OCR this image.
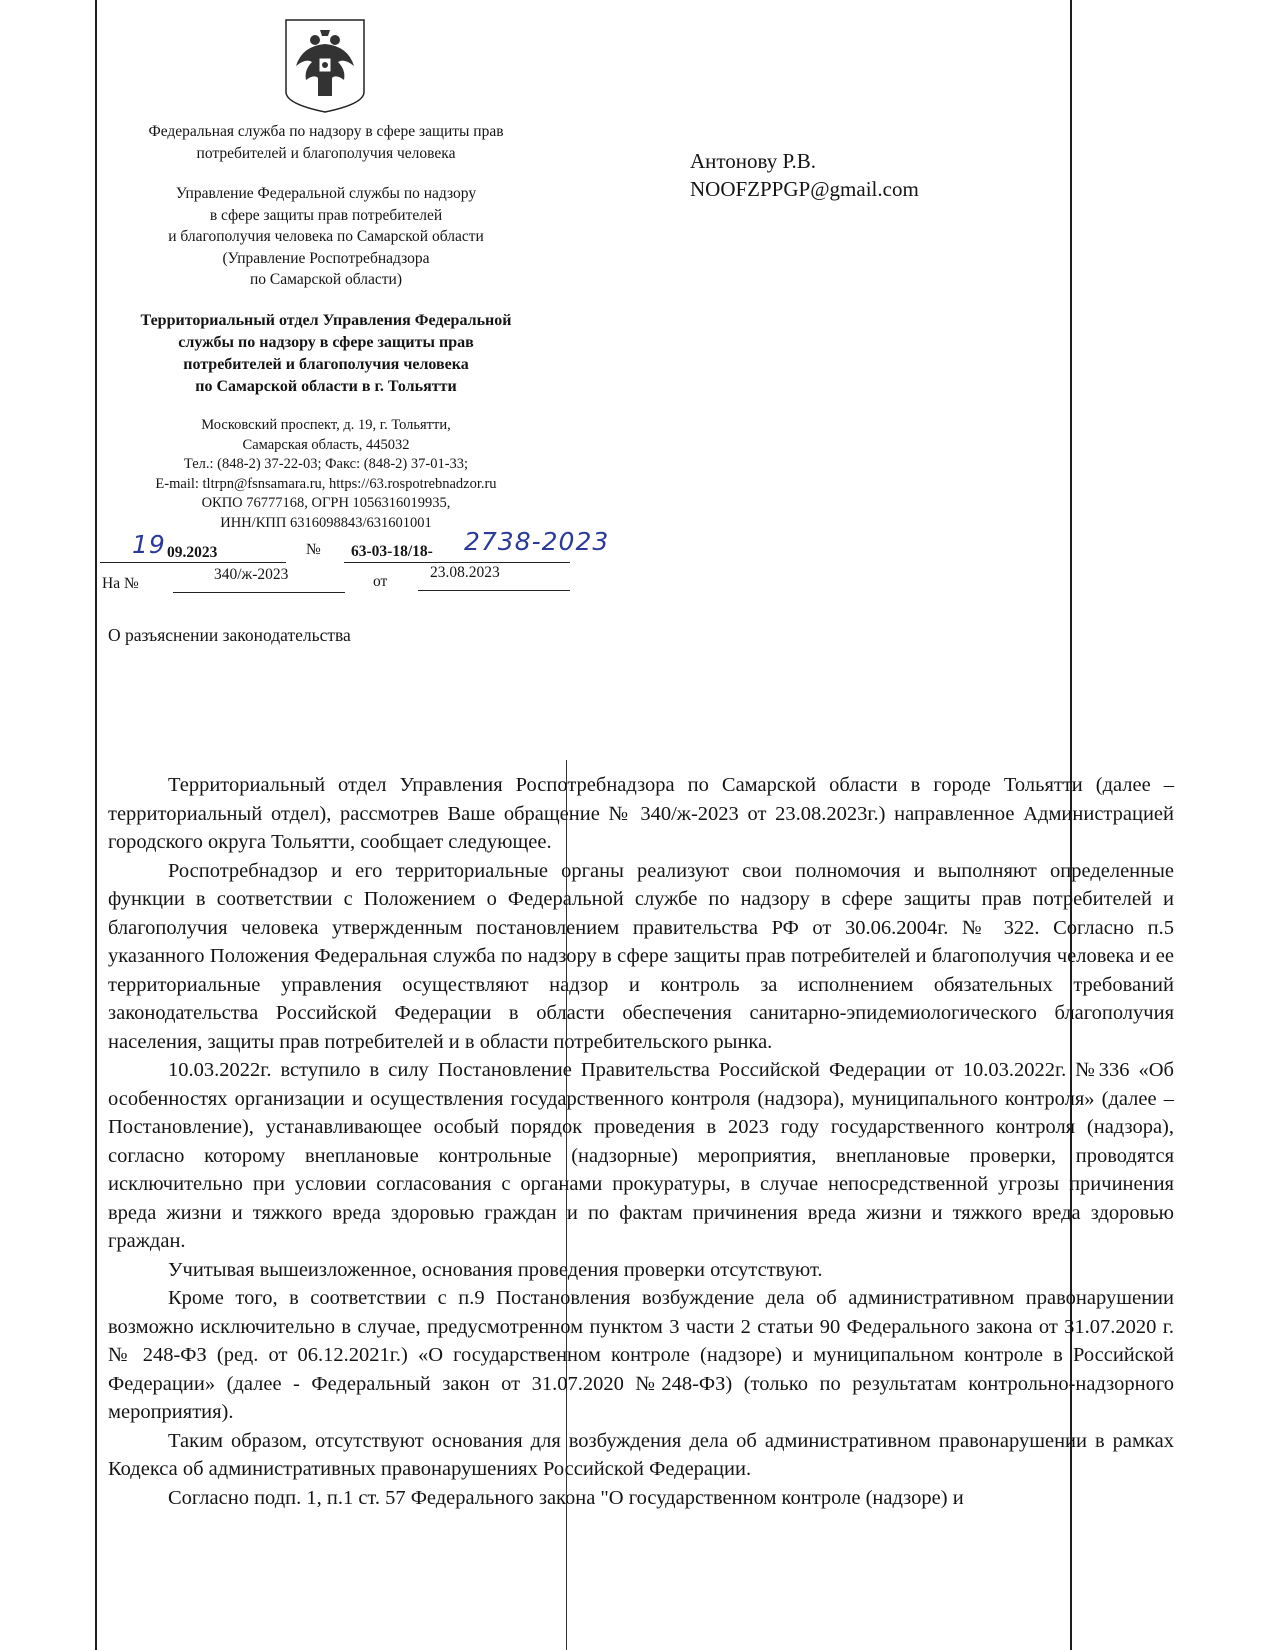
Федеральная служба по надзору в сфере защиты прав
потребителей и благополучия человека
Управление Федеральной службы по надзору
в сфере защиты прав потребителей
и благополучия человека по Самарской области
(Управление Роспотребнадзора
по Самарской области)
Территориальный отдел Управления Федеральной
службы по надзору в сфере защиты прав
потребителей и благополучия человека
по Самарской области в г. Тольятти
Московский проспект, д. 19, г. Тольятти,
Самарская область, 445032
Тел.: (848-2) 37-22-03; Факс: (848-2) 37-01-33;
E-mail: tltrpn@fsnsamara.ru, https://63.rospotrebnadzor.ru
ОКПО 76777168, ОГРН 1056316019935,
ИНН/КПП 6316098843/631601001
19 09.2023	№ 63-03-18/18- 2738-2023
На №
340/ж-2023	от
23.08.2023
О разъяснении законодательства
Антонову Р.В.
NOOFZPPGP@gmail.com

Территориальный отдел Управления Роспотребнадзора по Самарской области в городе Тольятти (далее – территориальный отдел), рассмотрев Ваше обращение № 340/ж-2023 от 23.08.2023г.) направленное Администрацией городского округа Тольятти, сообщает следующее.

Роспотребнадзор и его территориальные органы реализуют свои полномочия и выполняют определенные функции в соответствии с Положением о Федеральной службе по надзору в сфере защиты прав потребителей и благополучия человека утвержденным постановлением правительства РФ от 30.06.2004г. № 322. Согласно п.5 указанного Положения Федеральная служба по надзору в сфере защиты прав потребителей и благополучия человека и ее территориальные управления осуществляют надзор и контроль за исполнением обязательных требований законодательства Российской Федерации в области обеспечения санитарно-эпидемиологического благополучия населения, защиты прав потребителей и в области потребительского рынка.

10.03.2022г. вступило в силу Постановление Правительства Российской Федерации от 10.03.2022г. №336 «Об особенностях организации и осуществления государственного контроля (надзора), муниципального контроля» (далее – Постановление), устанавливающее особый порядок проведения в 2023 году государственного контроля (надзора), согласно которому внеплановые контрольные (надзорные) мероприятия, внеплановые проверки, проводятся исключительно при условии согласования с органами прокуратуры, в случае непосредственной угрозы причинения вреда жизни и тяжкого вреда здоровью граждан и по фактам причинения вреда жизни и тяжкого вреда здоровью граждан.

Учитывая вышеизложенное, основания проведения проверки отсутствуют.

Кроме того, в соответствии с п.9 Постановления возбуждение дела об административном правонарушении возможно исключительно в случае, предусмотренном пунктом 3 части 2 статьи 90 Федерального закона от 31.07.2020 г. № 248-ФЗ (ред. от 06.12.2021г.) «О государственном контроле (надзоре) и муниципальном контроле в Российской Федерации» (далее - Федеральный закон от 31.07.2020 №248-ФЗ) (только по результатам контрольно-надзорного мероприятия).

Таким образом, отсутствуют основания для возбуждения дела об административном правонарушении в рамках Кодекса об административных правонарушениях Российской Федерации.

Согласно подп. 1, п.1 ст. 57 Федерального закона "О государственном контроле (надзоре) и
